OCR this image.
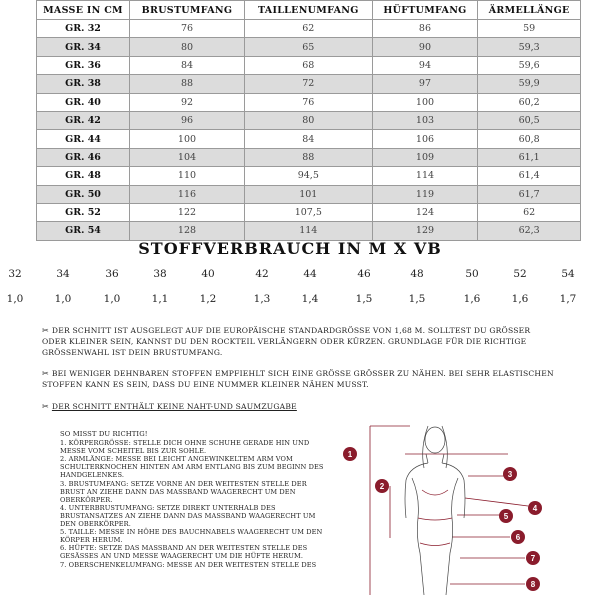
MASSE IN CM	BRUSTUMFANG	TAILLENUMFANG	HÜFTUMFANG	ÄRMELLÄNGE
GR. 32	76	62	86	59
GR. 34	80	65	90	59,3
GR. 36	84	68	94	59,6
GR. 38	88	72	97	59,9
GR. 40	92	76	100	60,2
GR. 42	96	80	103	60,5
GR. 44	100	84	106	60,8
GR. 46	104	88	109	61,1
GR. 48	110	94,5	114	61,4
GR. 50	116	101	119	61,7
GR. 52	122	107,5	124	62
GR. 54	128	114	129	62,3
STOFFVERBRAUCH IN M X VB
32	34	36	38	40	42	44	46	48	50	52	54
1,0	1,0	1,0	1,1	1,2	1,3	1,4	1,5	1,5	1,6	1,6	1,7
✂ DER SCHNITT IST AUSGELEGT AUF DIE EUROPÄISCHE STANDARDGRÖSSE VON 1,68 M. SOLLTEST DU GRÖSSER ODER KLEINER SEIN, KANNST DU DEN ROCKTEIL VERLÄNGERN ODER KÜRZEN. GRUNDLAGE FÜR DIE RICHTIGE GRÖSSENWAHL IST DEIN BRUSTUMFANG.
✂ BEI WENIGER DEHNBAREN STOFFEN EMPFIEHLT SICH EINE GRÖSSE GRÖSSER ZU NÄHEN. BEI SEHR ELASTISCHEN STOFFEN KANN ES SEIN, DASS DU EINE NUMMER KLEINER NÄHEN MUSST.
✂ DER SCHNITT ENTHÄLT KEINE NAHT-UND SAUMZUGABE

SO MISST DU RICHTIG!

1. KÖRPERGRÖSSE: STELLE DICH OHNE SCHUHE GERADE HIN UND MESSE VOM SCHEITEL BIS ZUR SOHLE.

2. ARMLÄNGE: MESSE BEI LEICHT ANGEWINKELTEM ARM VOM SCHULTERKNOCHEN HINTEN AM ARM ENTLANG BIS ZUM BEGINN DES HANDGELENKES.

3. BRUSTUMFANG: SETZE VORNE AN DER WEITESTEN STELLE DER BRUST AN ZIEHE DANN DAS MASSBAND WAAGERECHT UM DEN OBERKÖRPER.

4. UNTERBRUSTUMFANG: SETZE DIREKT UNTERHALB DES BRUSTANSATZES AN ZIEHE DANN DAS MASSBAND WAAGERECHT UM DEN OBERKÖRPER.

5. TAILLE: MESSE IN HÖHE DES BAUCHNABELS WAAGERECHT UM DEN KÖRPER HERUM.

6. HÜFTE: SETZE DAS MASSBAND AN DER WEITESTEN STELLE DES GESÄSSES AN UND MESSE WAAGERECHT UM DIE HÜFTE HERUM.

7. OBERSCHENKELUMFANG: MESSE AN DER WEITESTEN STELLE DES

1
2
3
4
5
6
7
8
